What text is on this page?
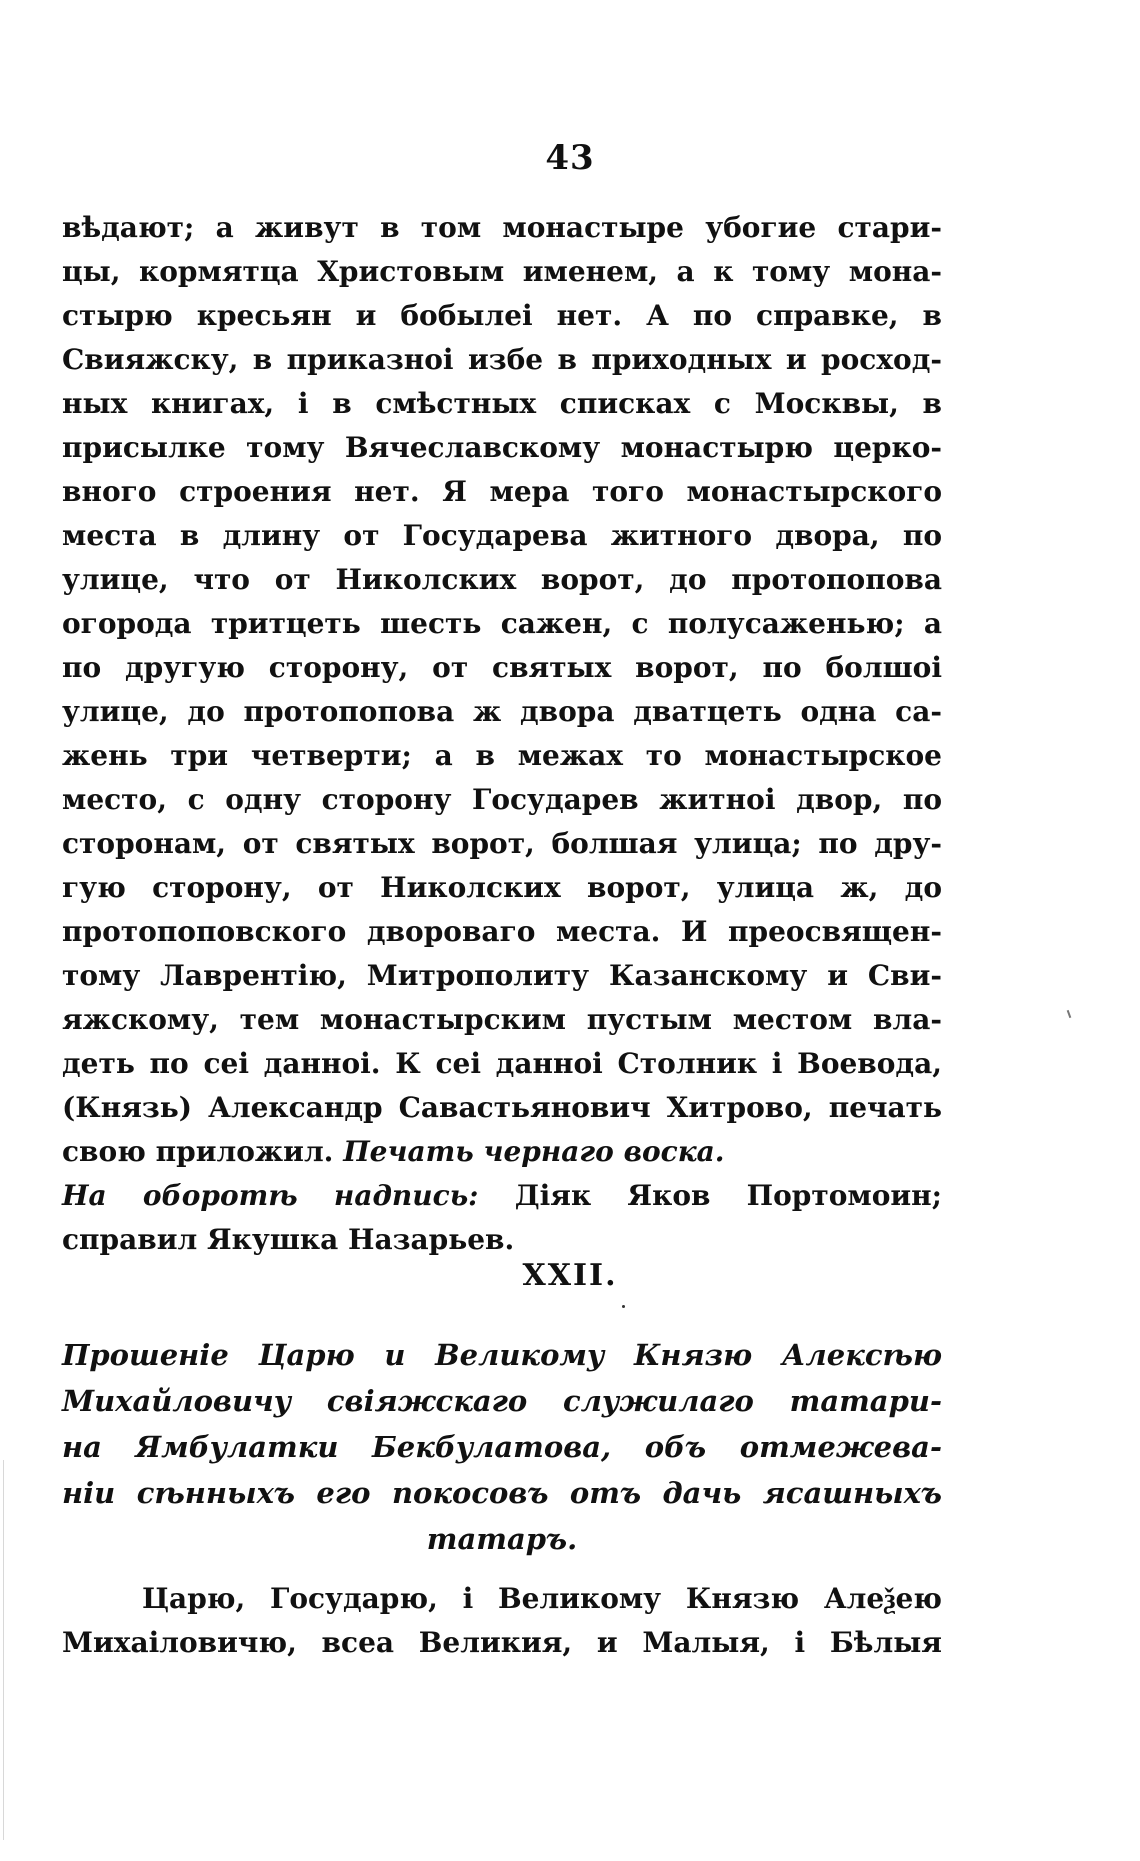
43
вѣдают; а живут в том монастыре убогие стари-
цы, кормятца Христовым именем, а к тому мона-
стырю кресьян и бобылеі нет. А по справке, в
Свияжску, в приказноі избе в приходных и росход-
ных книгах, і в смѣстных списках с Москвы, в
присылке тому Вячеславскому монастырю церко-
вного строения нет. Я мера того монастырского
места в длину от Государева житного двора, по
улице, что от Николских ворот, до протопопова
огорода тритцеть шесть сажен, с полусаженью; а
по другую сторону, от святых ворот, по болшоі
улице, до протопопова ж двора дватцеть одна са-
жень три четверти; а в межах то монастырское
место, с одну сторону Государев житноі двор, по
сторонам, от святых ворот, болшая улица; по дру-
гую сторону, от Николских ворот, улица ж, до
протопоповского двороваго места. И преосвящен-
тому Лаврентію, Митрополиту Казанскому и Сви-
яжскому, тем монастырским пустым местом вла-
деть по сеі данноі. К сеі данноі Столник і Воевода,
(Князь) Александр Савастьянович Хитрово, печать
свою приложил. Печать чернаго воска.
На оборотѣ надпись: Діяк Яков Портомоин;
справил Якушка Назарьев.
XXII.
Прошеніе Царю и Великому Князю Алексѣю
Михайловичу свіяжскаго служилаго татари-
на Ямбулатки Бекбулатова, объ отмежева-
ніи сѣнныхъ его покосовъ отъ дачь ясашныхъ
татаръ.
Царю, Государю, і Великому Князю Алеѯею
Михаіловичю, всеа Великия, и Малыя, і Бѣлыя
